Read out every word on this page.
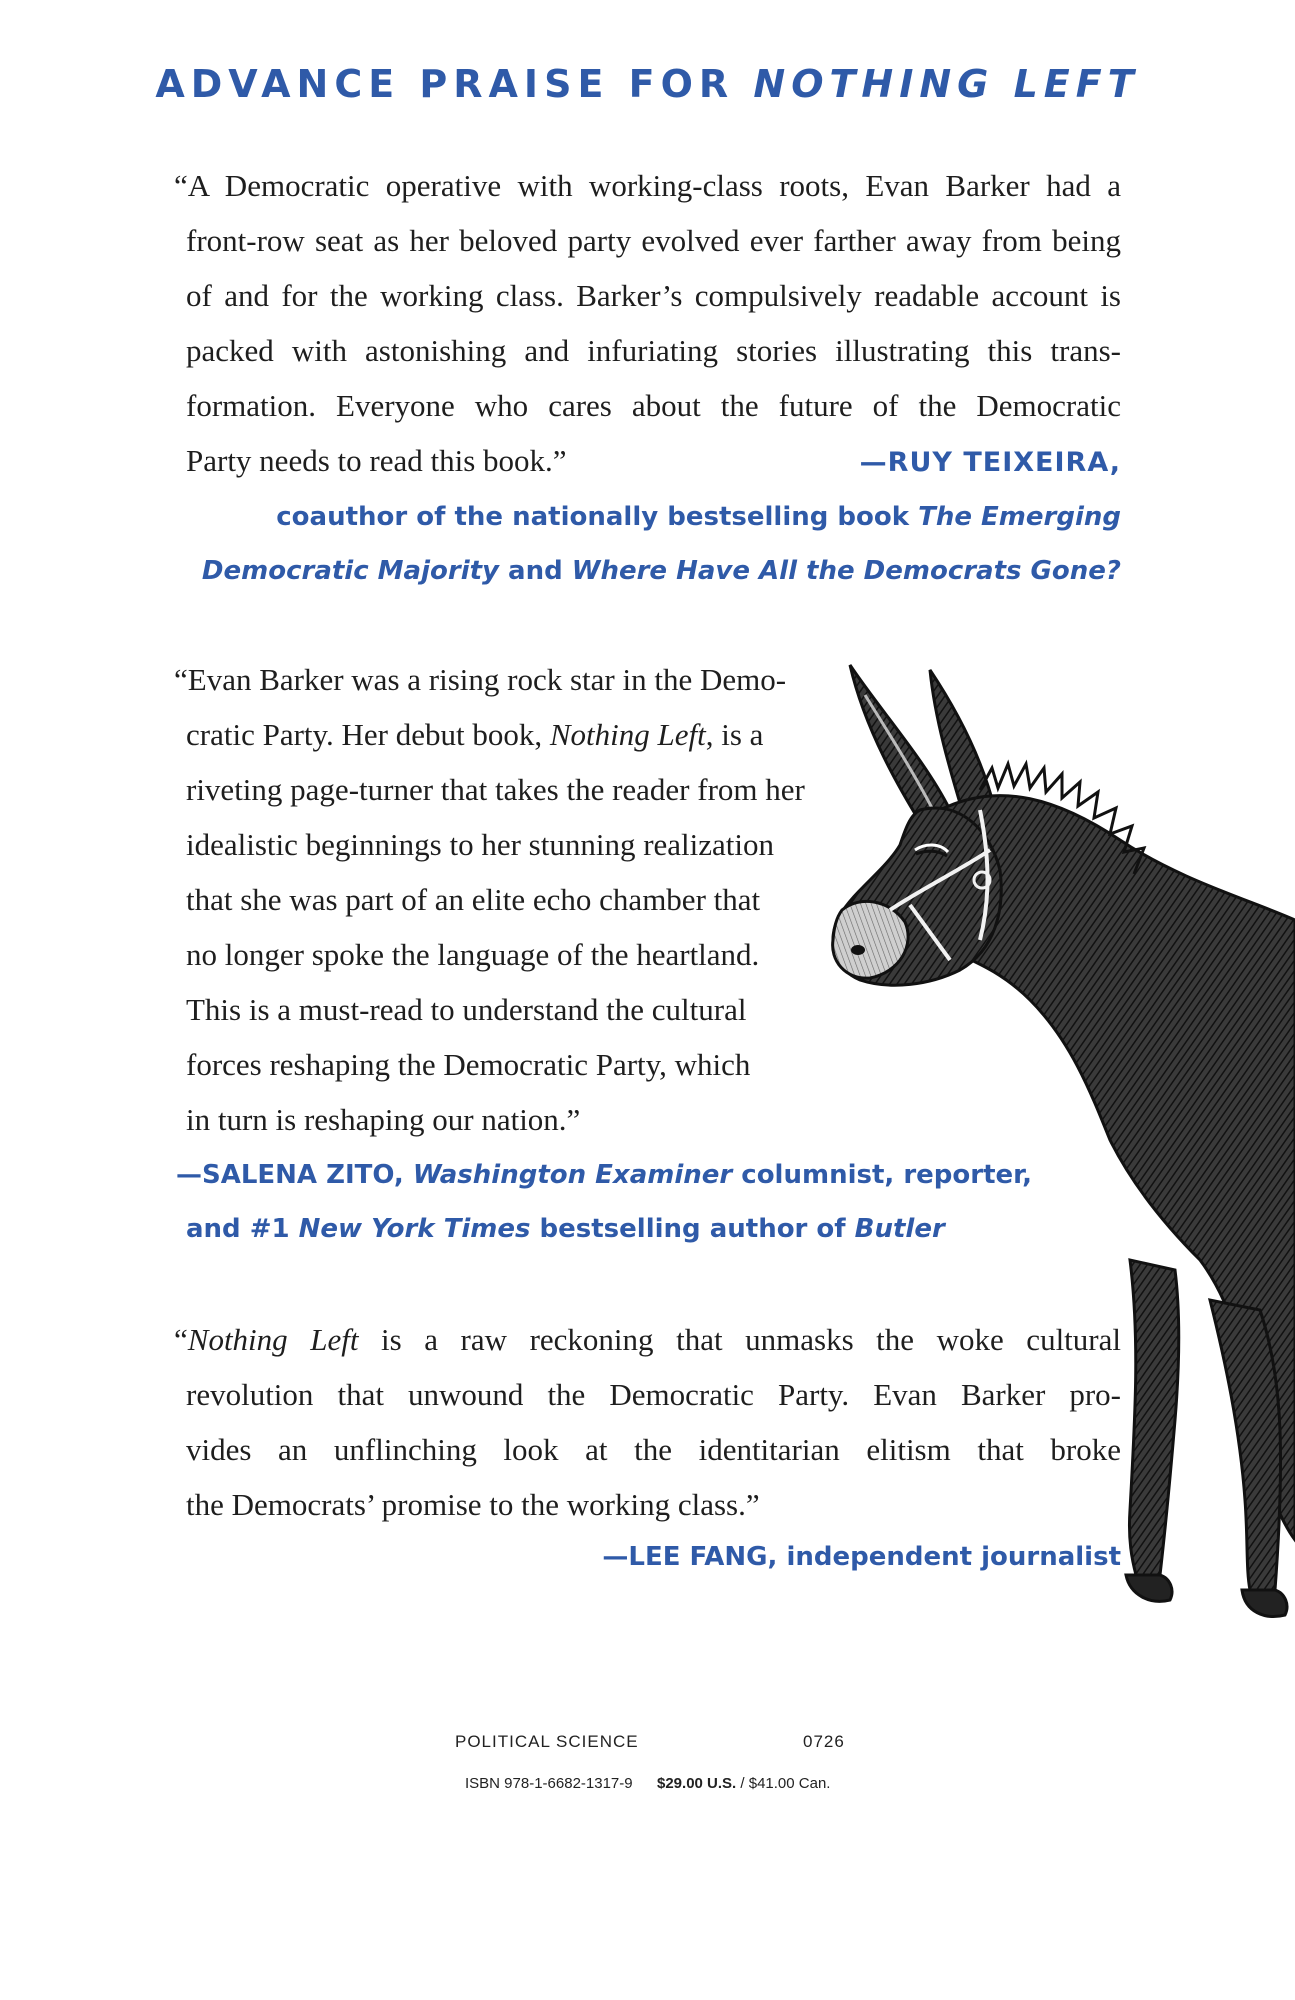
ADVANCE PRAISE FOR NOTHING LEFT
“A Democratic operative with working-class roots, Evan Barker had a
front-row seat as her beloved party evolved ever farther away from being
of and for the working class. Barker’s compulsively readable account is
packed with astonishing and infuriating stories illustrating this trans-
formation. Everyone who cares about the future of the Democratic
Party needs to read this book.”	—RUY TEIXEIRA,
coauthor of the nationally bestselling book The Emerging
Democratic Majority and Where Have All the Democrats Gone?
“Evan Barker was a rising rock star in the Demo-
cratic Party. Her debut book, Nothing Left, is a
riveting page-turner that takes the reader from her
idealistic beginnings to her stunning realization
that she was part of an elite echo chamber that
no longer spoke the language of the heartland.
This is a must-read to understand the cultural
forces reshaping the Democratic Party, which
in turn is reshaping our nation.”
—SALENA ZITO, Washington Examiner columnist, reporter,
and #1 New York Times bestselling author of Butler
“Nothing Left is a raw reckoning that unmasks the woke cultural
revolution that unwound the Democratic Party. Evan Barker pro-
vides an unflinching look at the identitarian elitism that broke
the Democrats’ promise to the working class.”
—LEE FANG, independent journalist
POLITICAL SCIENCE	0726
ISBN 978-1-6682-1317-9 $29.00 U.S. / $41.00 Can.
